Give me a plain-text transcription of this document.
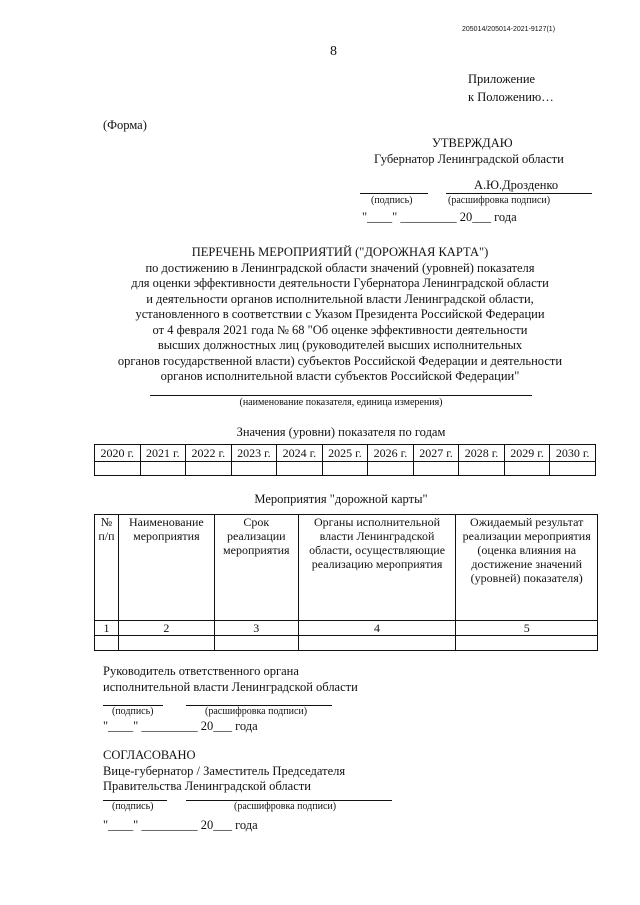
205014/205014-2021-9127(1)
8
Приложение
к Положению…
(Форма)
УТВЕРЖДАЮ
Губернатор Ленинградской области
А.Ю.Дрозденко
(подпись)	(расшифровка подписи)
"____" _________ 20___ года
ПЕРЕЧЕНЬ МЕРОПРИЯТИЙ ("ДОРОЖНАЯ КАРТА")
по достижению в Ленинградской области значений (уровней) показателя
для оценки эффективности деятельности Губернатора Ленинградской области
и деятельности органов исполнительной власти Ленинградской области,
установленного в соответствии с Указом Президента Российской Федерации
от 4 февраля 2021 года № 68 "Об оценке эффективности деятельности
высших должностных лиц (руководителей высших исполнительных
органов государственной власти) субъектов Российской Федерации и деятельности
органов исполнительной власти субъектов Российской Федерации"
(наименование показателя, единица измерения)
Значения (уровни) показателя по годам
2020 г.	2021 г.	2022 г.	2023 г.	2024 г.	2025 г.	2026 г.	2027 г.	2028 г.	2029 г.	2030 г.

Мероприятия "дорожной карты"
№ п/п	Наименование мероприятия	Срок реализации мероприятия	Органы исполнительной власти Ленинградской области, осуществляющие реализацию мероприятия	Ожидаемый результат реализации мероприятия (оценка влияния на достижение значений (уровней) показателя)
1	2	3	4	5

Руководитель ответственного органа
исполнительной власти Ленинградской области
(подпись)	(расшифровка подписи)
"____" _________ 20___ года
СОГЛАСОВАНО
Вице-губернатор / Заместитель Председателя
Правительства Ленинградской области
(подпись)	(расшифровка подписи)
"____" _________ 20___ года
